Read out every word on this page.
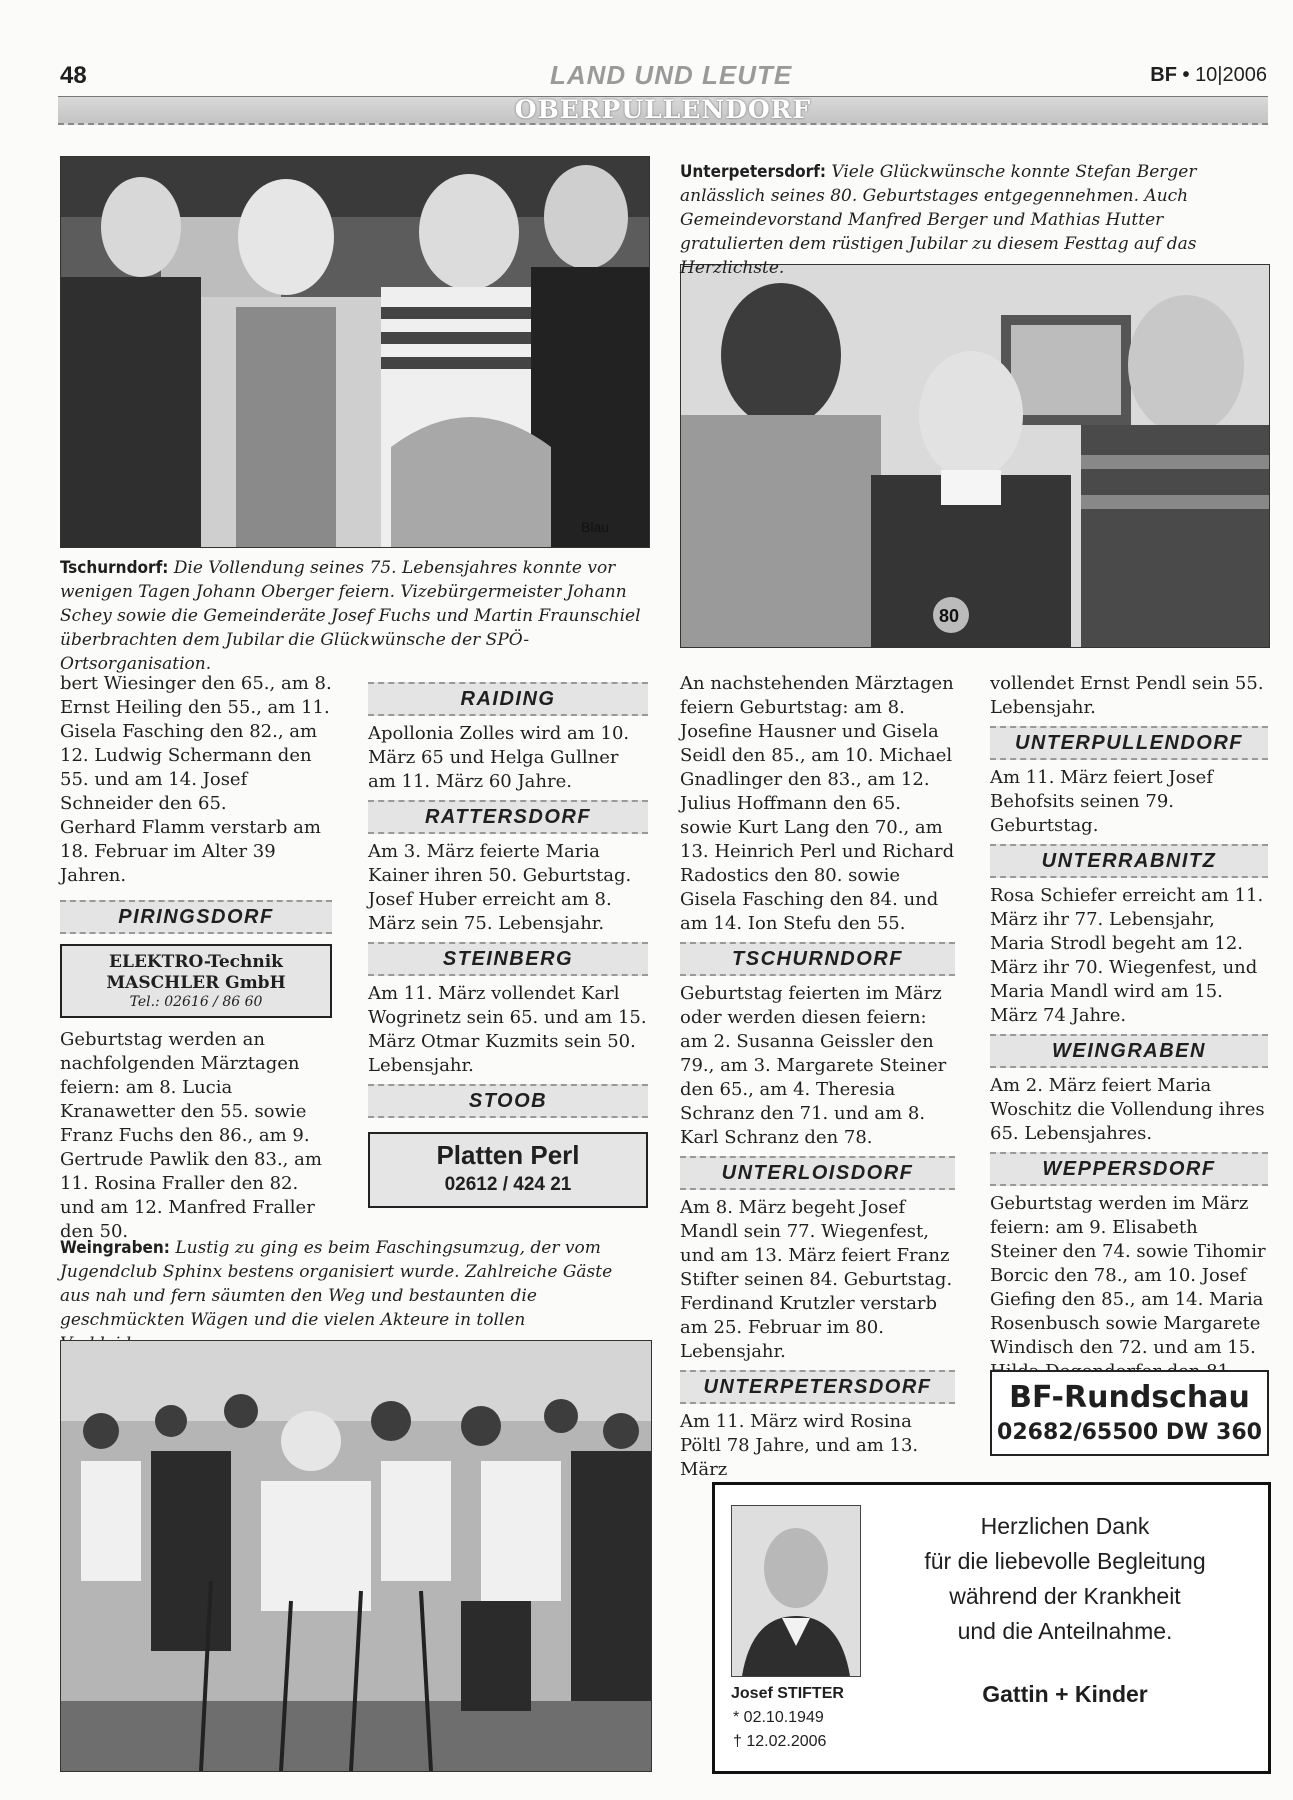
48	LAND UND LEUTE	BF • 10|2006
OBERPULLENDORF
Blau
80
Tschurndorf: Die Vollendung seines 75. Lebensjahres konnte vor wenigen Tagen Johann Oberger feiern. Vizebürgermeister Johann Schey sowie die Gemeinderäte Josef Fuchs und Martin Fraunschiel überbrachten dem Jubilar die Glückwünsche der SPÖ-Ortsorganisation.
Unterpetersdorf: Viele Glückwünsche konnte Stefan Berger anlässlich seines 80. Geburtstages entgegennehmen. Auch Gemeindevorstand Manfred Berger und Mathias Hutter gratulierten dem rüstigen Jubilar zu diesem Festtag auf das Herzlichste.

bert Wiesinger den 65., am 8. Ernst Heiling den 55., am 11. Gisela Fasching den 82., am 12. Ludwig Schermann den 55. und am 14. Josef Schneider den 65.

Gerhard Flamm verstarb am 18. Februar im Alter 39 Jahren.

PIRINGSDORF
ELEKTRO-Technik
MASCHLER GmbH
Tel.: 02616 / 86 60

Geburtstag werden an nachfolgenden Märztagen feiern: am 8. Lucia Kranawetter den 55. sowie Franz Fuchs den 86., am 9. Gertrude Pawlik den 83., am 11. Rosina Fraller den 82. und am 12. Manfred Fraller den 50.

RAIDING

Apollonia Zolles wird am 10. März 65 und Helga Gullner am 11. März 60 Jahre.

RATTERSDORF

Am 3. März feierte Maria Kainer ihren 50. Geburtstag. Josef Huber erreicht am 8. März sein 75. Lebensjahr.

STEINBERG

Am 11. März vollendet Karl Wogrinetz sein 65. und am 15. März Otmar Kuzmits sein 50. Lebensjahr.

STOOB
Platten Perl
02612 / 424 21

An nachstehenden Märztagen feiern Geburtstag: am 8. Josefine Hausner und Gisela Seidl den 85., am 10. Michael Gnadlinger den 83., am 12. Julius Hoffmann den 65. sowie Kurt Lang den 70., am 13. Heinrich Perl und Richard Radostics den 80. sowie Gisela Fasching den 84. und am 14. Ion Stefu den 55.

TSCHURNDORF

Geburtstag feierten im März oder werden diesen feiern: am 2. Susanna Geissler den 79., am 3. Margarete Steiner den 65., am 4. Theresia Schranz den 71. und am 8. Karl Schranz den 78.

UNTERLOISDORF

Am 8. März begeht Josef Mandl sein 77. Wiegenfest, und am 13. März feiert Franz Stifter seinen 84. Geburtstag. Ferdinand Krutzler verstarb am 25. Februar im 80. Lebensjahr.

UNTERPETERSDORF

Am 11. März wird Rosina Pöltl 78 Jahre, und am 13. März

vollendet Ernst Pendl sein 55. Lebensjahr.

UNTERPULLENDORF

Am 11. März feiert Josef Behofsits seinen 79. Geburtstag.

UNTERRABNITZ

Rosa Schiefer erreicht am 11. März ihr 77. Lebensjahr, Maria Strodl begeht am 12. März ihr 70. Wiegenfest, und Maria Mandl wird am 15. März 74 Jahre.

WEINGRABEN

Am 2. März feiert Maria Woschitz die Vollendung ihres 65. Lebensjahres.

WEPPERSDORF

Geburtstag werden im März feiern: am 9. Elisabeth Steiner den 74. sowie Tihomir Borcic den 78., am 10. Josef Giefing den 85., am 14. Maria Rosenbusch sowie Margarete Windisch den 72. und am 15.

BF-Rundschau
02682/65500 DW 360
Weingraben: Lustig zu ging es beim Faschingsumzug, der vom Jugendclub Sphinx bestens organisiert wurde. Zahlreiche Gäste aus nah und fern säumten den Weg und bestaunten die geschmückten Wägen und die vielen Akteure in tollen
Josef STIFTER
* 02.10.1949
† 12.02.2006
Herzlichen Dank
für die liebevolle Begleitung
während der Krankheit
und die Anteilnahme.
Gattin + Kinder
